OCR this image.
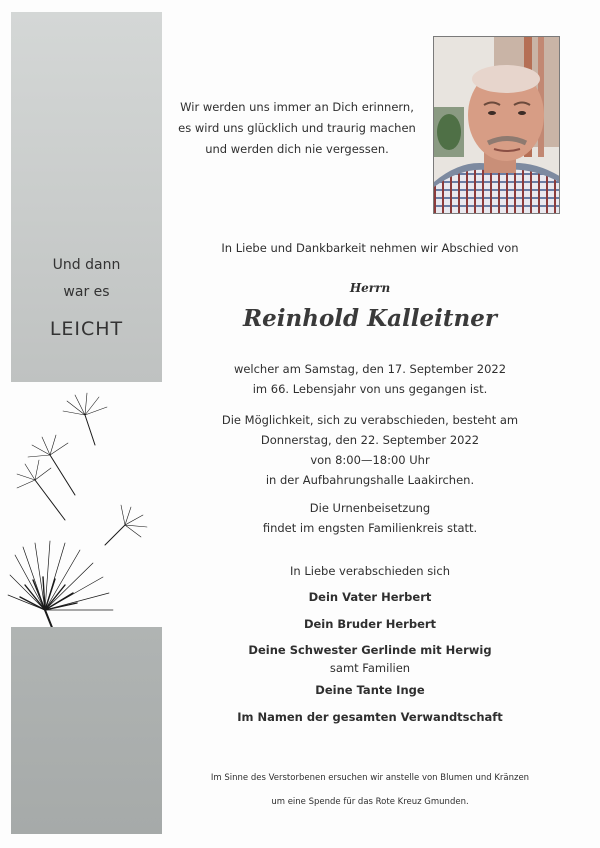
Und dann
war es
LEICHT
Wir werden uns immer an Dich erinnern,
es wird uns glücklich und traurig machen
und werden dich nie vergessen.
In Liebe und Dankbarkeit nehmen wir Abschied von
Herrn
Reinhold Kalleitner
welcher am Samstag, den 17. September 2022
im 66. Lebensjahr von uns gegangen ist.
Die Möglichkeit, sich zu verabschieden, besteht am
Donnerstag, den 22. September 2022
von 8:00—18:00 Uhr
in der Aufbahrungshalle Laakirchen.
Die Urnenbeisetzung
findet im engsten Familienkreis statt.
In Liebe verabschieden sich
Dein Vater Herbert
Dein Bruder Herbert
Deine Schwester Gerlinde mit Herwig
samt Familien
Deine Tante Inge
Im Namen der gesamten Verwandtschaft
Im Sinne des Verstorbenen ersuchen wir anstelle von Blumen und Kränzen
um eine Spende für das Rote Kreuz Gmunden.
